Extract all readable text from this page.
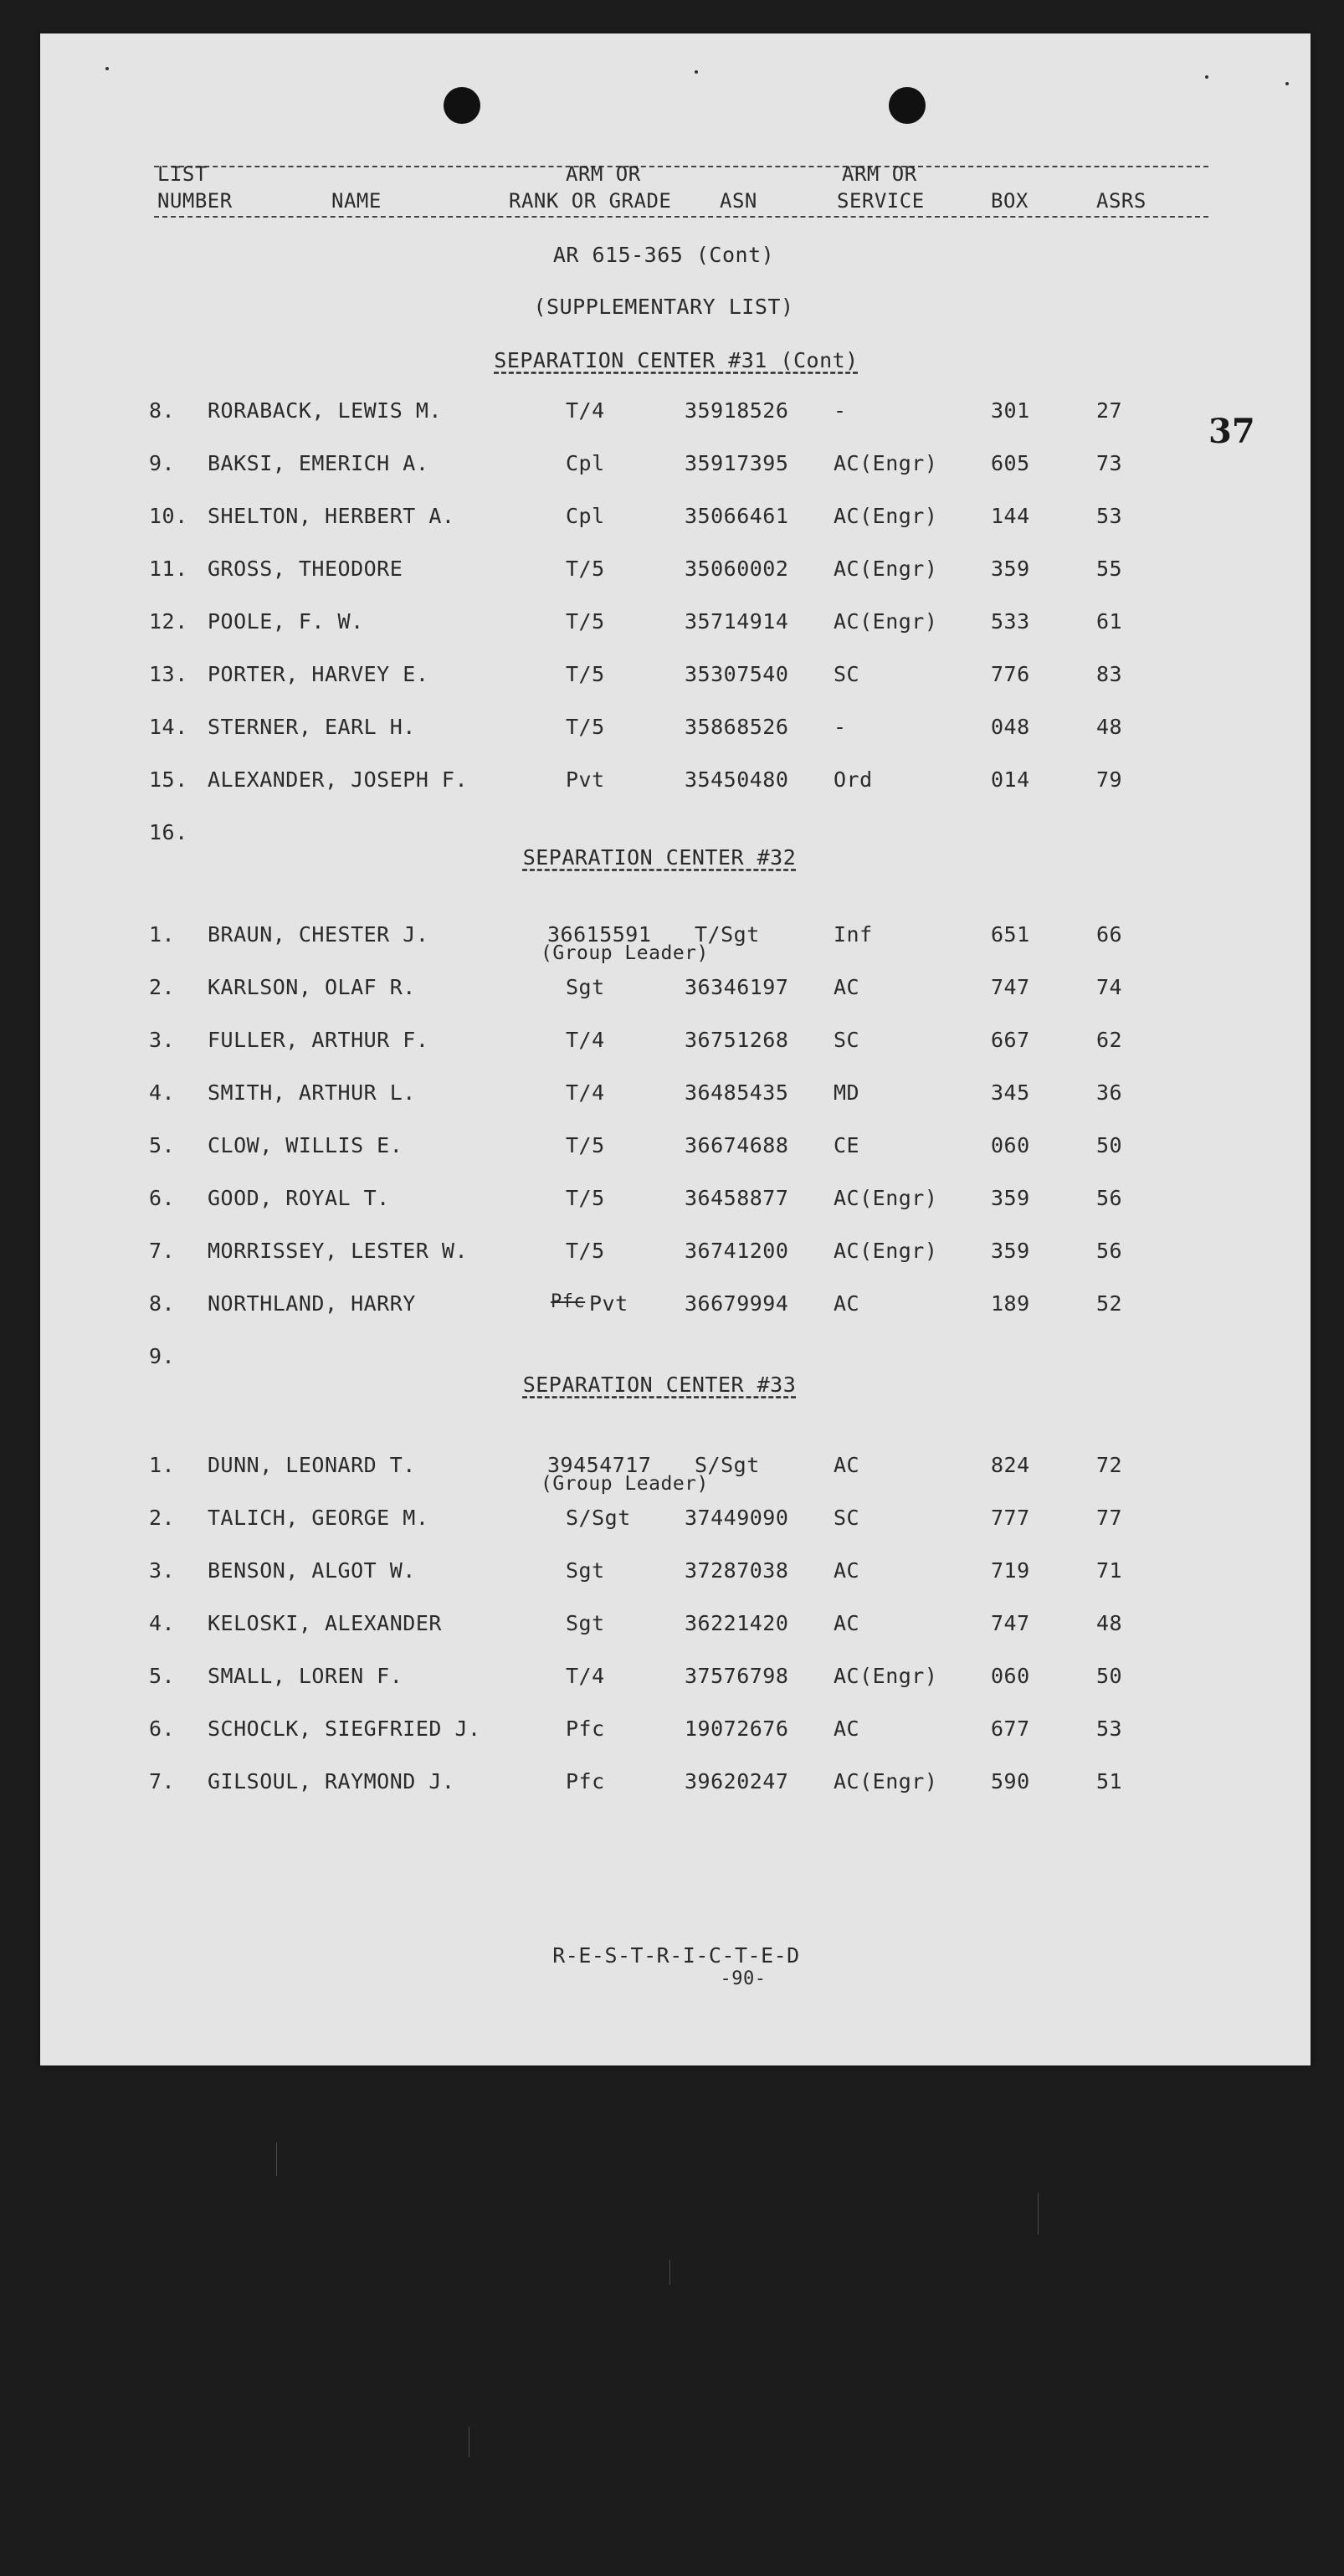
LIST
NUMBER	NAME
ARM OR
RANK OR GRADE ASN
ARM OR
SERVICE	BOX	ASRS
AR 615-365 (Cont)
(SUPPLEMENTARY LIST)
37
SEPARATION CENTER #31 (Cont)
8. RORABACK, LEWIS M.	T/4	35918526 -	301	27
9. BAKSI, EMERICH A.	Cpl	35917395 AC(Engr)	605	73
10. SHELTON, HERBERT A.	Cpl	35066461 AC(Engr)	144	53
11. GROSS, THEODORE	T/5	35060002 AC(Engr)	359	55
12. POOLE, F. W.	T/5	35714914 AC(Engr)	533	61
13. PORTER, HARVEY E.	T/5	35307540 SC	776	83
14. STERNER, EARL H.	T/5	35868526 -	048	48
15. ALEXANDER, JOSEPH F.	Pvt	35450480 Ord	014	79
16.
SEPARATION CENTER #32
1. BRAUN, CHESTER J.	36615591 T/Sgt	Inf	651	66
(Group Leader)
2. KARLSON, OLAF R.	Sgt	36346197 AC	747	74
3. FULLER, ARTHUR F.	T/4	36751268 SC	667	62
4. SMITH, ARTHUR L.	T/4	36485435 MD	345	36
5. CLOW, WILLIS E.	T/5	36674688 CE	060	50
6. GOOD, ROYAL T.	T/5	36458877 AC(Engr)	359	56
7. MORRISSEY, LESTER W.	T/5	36741200 AC(Engr)	359	56
8. NORTHLAND, HARRY	Pvt	36679994 AC	189	52
Pfc
9.
SEPARATION CENTER #33
1. DUNN, LEONARD T.	39454717 S/Sgt	AC	824	72
(Group Leader)
2. TALICH, GEORGE M.	S/Sgt	37449090 SC	777	77
3. BENSON, ALGOT W.	Sgt	37287038 AC	719	71
4. KELOSKI, ALEXANDER	Sgt	36221420 AC	747	48
5. SMALL, LOREN F.	T/4	37576798 AC(Engr)	060	50
6. SCHOCLK, SIEGFRIED J.	Pfc	19072676 AC	677	53
7. GILSOUL, RAYMOND J.	Pfc	39620247 AC(Engr)	590	51
R-E-S-T-R-I-C-T-E-D
-90-
